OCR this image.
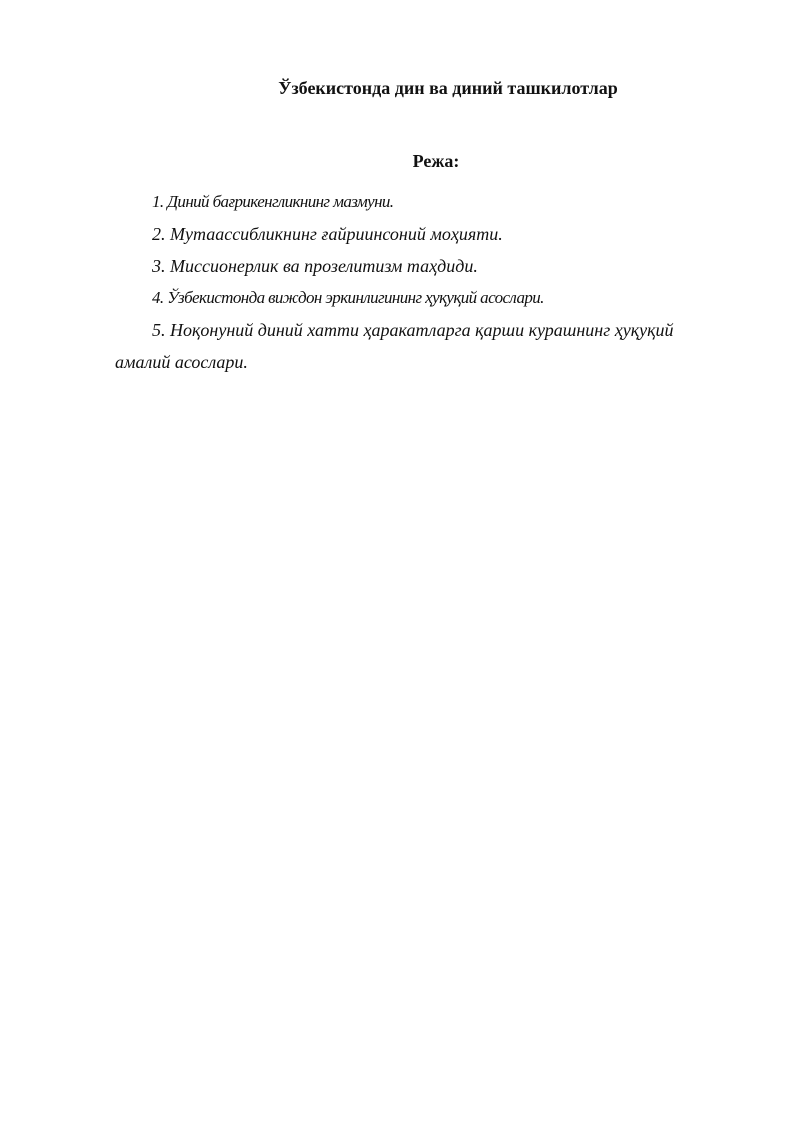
Ўзбекистонда дин ва диний ташкилотлар
Режа:
1. Диний бағрикенгликнинг мазмуни.
2. Мутаассибликнинг ғайриинсоний моҳияти.
3. Миссионерлик ва прозелитизм таҳдиди.
4. Ўзбекистонда виждон эркинлигининг ҳуқуқий асослари.
5. Ноқонуний диний хатти ҳаракатларга қарши курашнинг ҳуқуқий амалий асослари.
